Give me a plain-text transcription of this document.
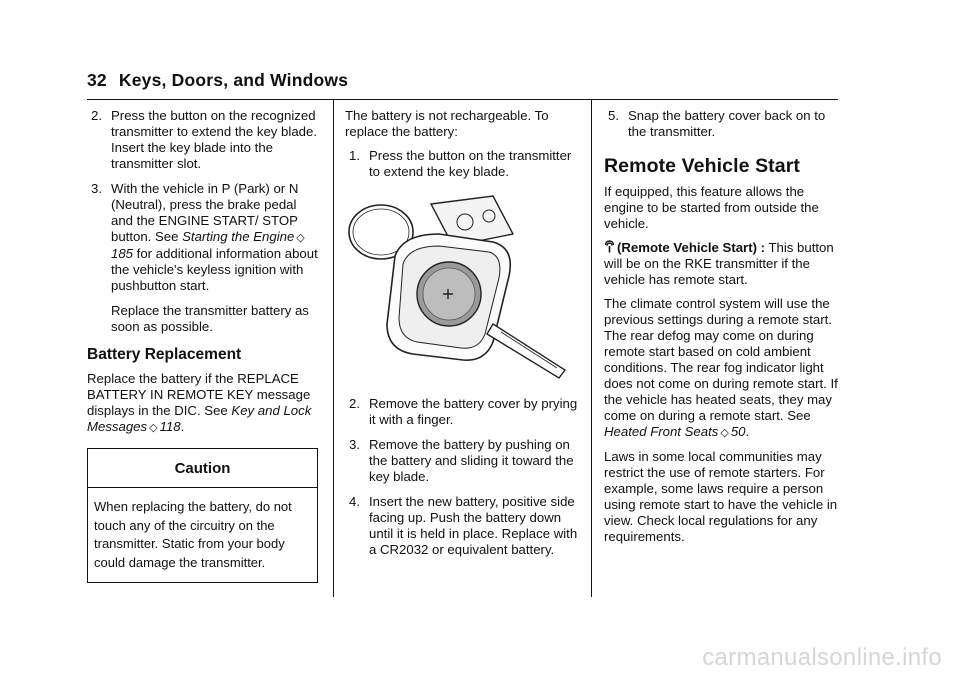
32 Keys, Doors, and Windows
2. Press the button on the recognized transmitter to extend the key blade. Insert the key blade into the transmitter slot.
3. With the vehicle in P (Park) or N (Neutral), press the brake pedal and the ENGINE START/ STOP button. See Starting the Engine ◇185 for additional information about the vehicle's keyless ignition with pushbutton start.

Replace the transmitter battery as soon as possible.

Battery Replacement

Replace the battery if the REPLACE BATTERY IN REMOTE KEY message displays in the DIC. See Key and Lock Messages ◇ 118.

Caution
When replacing the battery, do not touch any of the circuitry on the transmitter. Static from your body could damage the transmitter.

The battery is not rechargeable. To replace the battery:

1. Press the button on the transmitter to extend the key blade.
2. Remove the battery cover by prying it with a finger.
3. Remove the battery by pushing on the battery and sliding it toward the key blade.
4. Insert the new battery, positive side facing up. Push the battery down until it is held in place. Replace with a CR2032 or equivalent battery.
5. Snap the battery cover back on to the transmitter.
Remote Vehicle Start

If equipped, this feature allows the engine to be started from outside the vehicle.

(Remote Vehicle Start) : This button will be on the RKE transmitter if the vehicle has remote start.

The climate control system will use the previous settings during a remote start. The rear defog may come on during remote start based on cold ambient conditions. The rear fog indicator light does not come on during remote start. If the vehicle has heated seats, they may come on during a remote start. See Heated Front Seats ◇ 50.

Laws in some local communities may restrict the use of remote starters. For example, some laws require a person using remote start to have the vehicle in view. Check local regulations for any requirements.

carmanualsonline.info
